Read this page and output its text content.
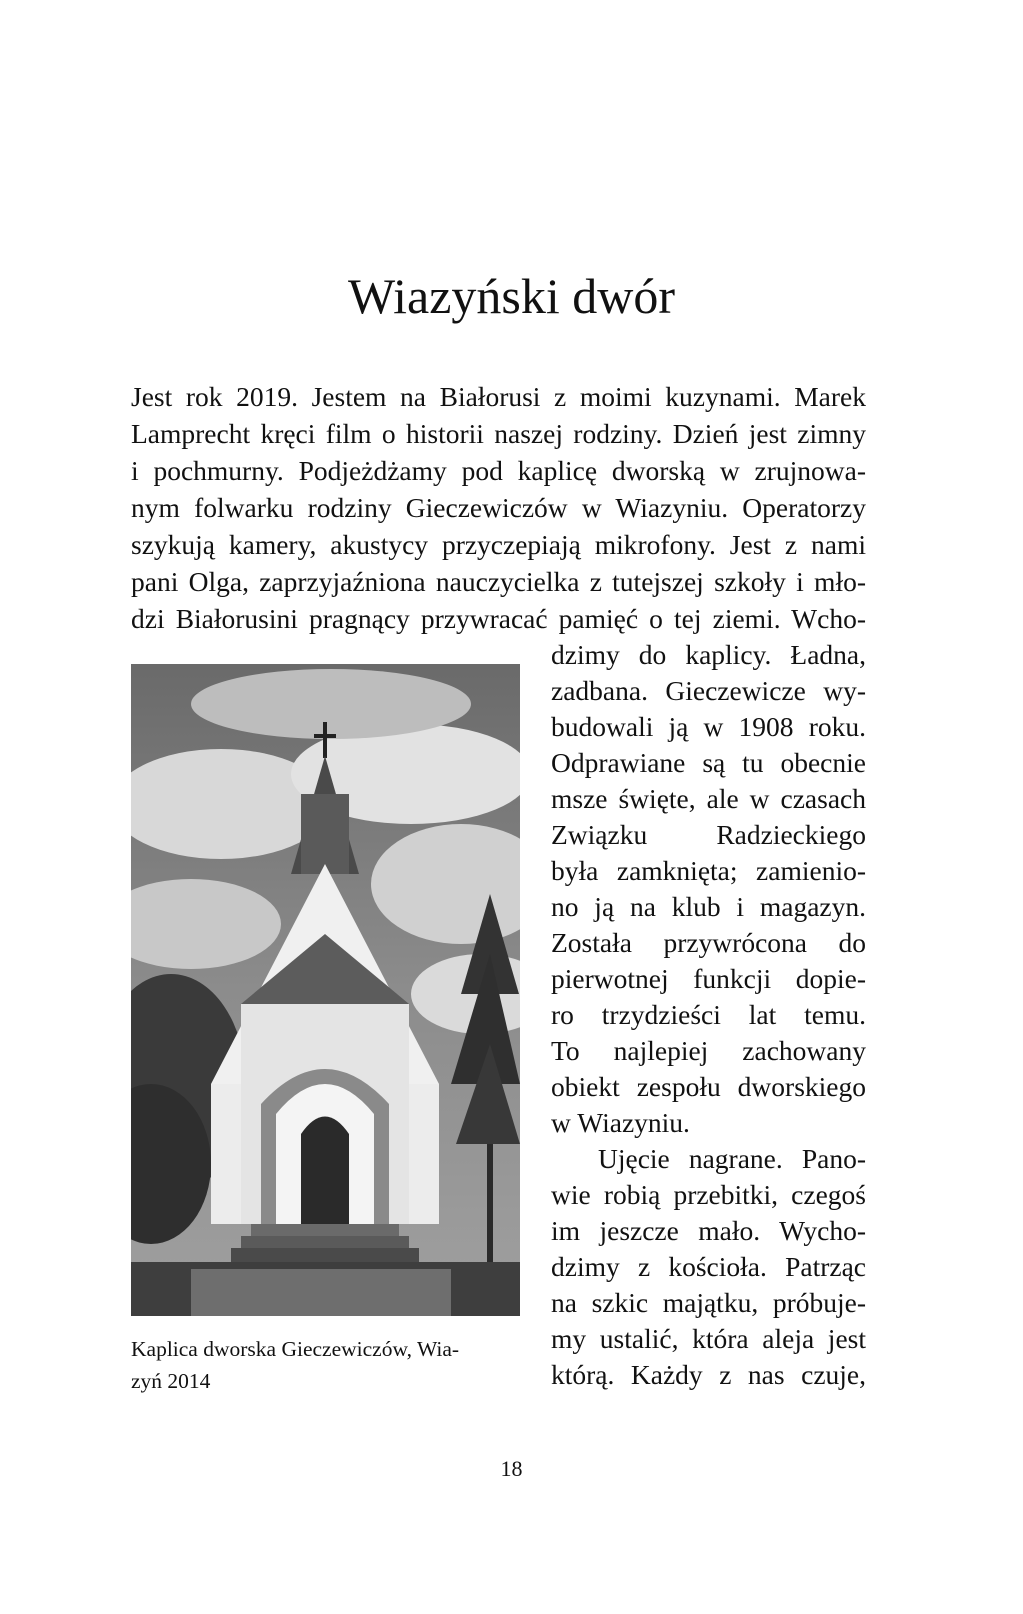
Wiazyński dwór
Jest rok 2019. Jestem na Białorusi z moimi kuzynami. Marek
Lamprecht kręci film o historii naszej rodziny. Dzień jest zimny
i pochmurny. Podjeżdżamy pod kaplicę dworską w zrujnowa-
nym folwarku rodziny Gieczewiczów w Wiazyniu. Operatorzy
szykują kamery, akustycy przyczepiają mikrofony. Jest z nami
pani Olga, zaprzyjaźniona nauczycielka z tutejszej szkoły i mło-
dzi Białorusini pragnący przywracać pamięć o tej ziemi. Wcho-
dzimy do kaplicy. Ładna,
zadbana. Gieczewicze wy-
budowali ją w 1908 roku.
Odprawiane są tu obecnie
msze święte, ale w czasach
Związku Radzieckiego
była zamknięta; zamienio-
no ją na klub i magazyn.
Została przywrócona do
pierwotnej funkcji dopie-
ro trzydzieści lat temu.
To najlepiej zachowany
obiekt zespołu dworskiego
w Wiazyniu.
Ujęcie nagrane. Pano-
wie robią przebitki, czegoś
im jeszcze mało. Wycho-
dzimy z kościoła. Patrząc
na szkic majątku, próbuje-
my ustalić, która aleja jest
którą. Każdy z nas czuje,
Kaplica dworska Gieczewiczów, Wia-
zyń 2014
18
